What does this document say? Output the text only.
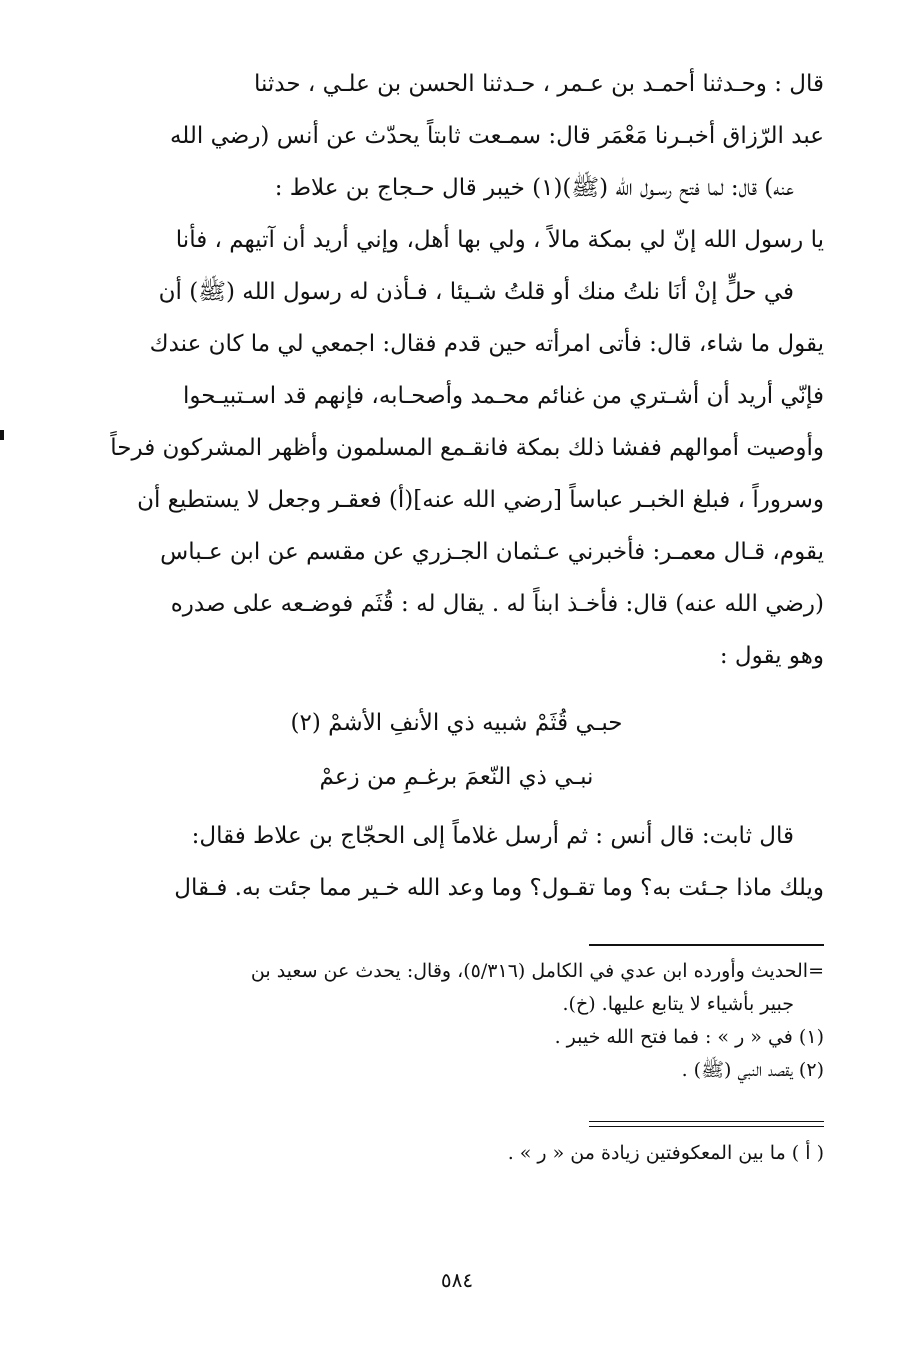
قال : وحـدثنا أحمـد بن عـمر ، حـدثنا الحسن بن علـي ، حدثنا
عبد الرّزاق أخبـرنا مَعْمَر قال: سمـعت ثابتاً يحدّث عن أنس (رضي الله
عنه) قال: لما فتح رسـول الله (ﷺ)(١) خيبر قال حـجاج بن علاط :
يا رسول الله إنّ لي بمكة مالاً ، ولي بها أهل، وإني أريد أن آتيهم ، فأنا
في حلٍّ إنْ أنَا نلتُ منك أو قلتُ شـيئا ، فـأذن له رسول الله (ﷺ) أن
يقول ما شاء، قال: فأتى امرأته حين قدم فقال: اجمعي لي ما كان عندك
فإنّي أريد أن أشـتري من غنائم محـمد وأصحـابه، فإنهم قد اسـتبيـحوا
وأوصيت أموالهم ففشا ذلك بمكة فانقـمع المسلمون وأظهر المشركون فرحاً
وسروراً ، فبلغ الخبـر عباساً [رضي الله عنه](أ) فعقـر وجعل لا يستطيع أن
يقوم، قـال معمـر: فأخبرني عـثمان الجـزري عن مقسم عن ابن عـباس
(رضي الله عنه) قال: فأخـذ ابناً له . يقال له : قُثَم فوضـعه على صدره
وهو يقول :
حبـي قُثَمْ شبيه ذي الأنفِ الأشمْ (٢)
نبـي ذي النّعمَ برغـمِ من زعمْ
قال ثابت: قال أنس : ثم أرسل غلاماً إلى الحجّاج بن علاط فقال:
ويلك ماذا جـئت به؟ وما تقـول؟ وما وعد الله خـير مما جئت به. فـقال
=الحديث وأورده ابن عدي في الكامل (٥/٣١٦)، وقال: يحدث عن سعيد بن
جبير بأشياء لا يتابع عليها. (خ).
(١) في « ر » : فما فتح الله خيبر .
(٢) يقصد النبي (ﷺ) .
( أ ) ما بين المعكوفتين زيادة من « ر » .
٥٨٤
